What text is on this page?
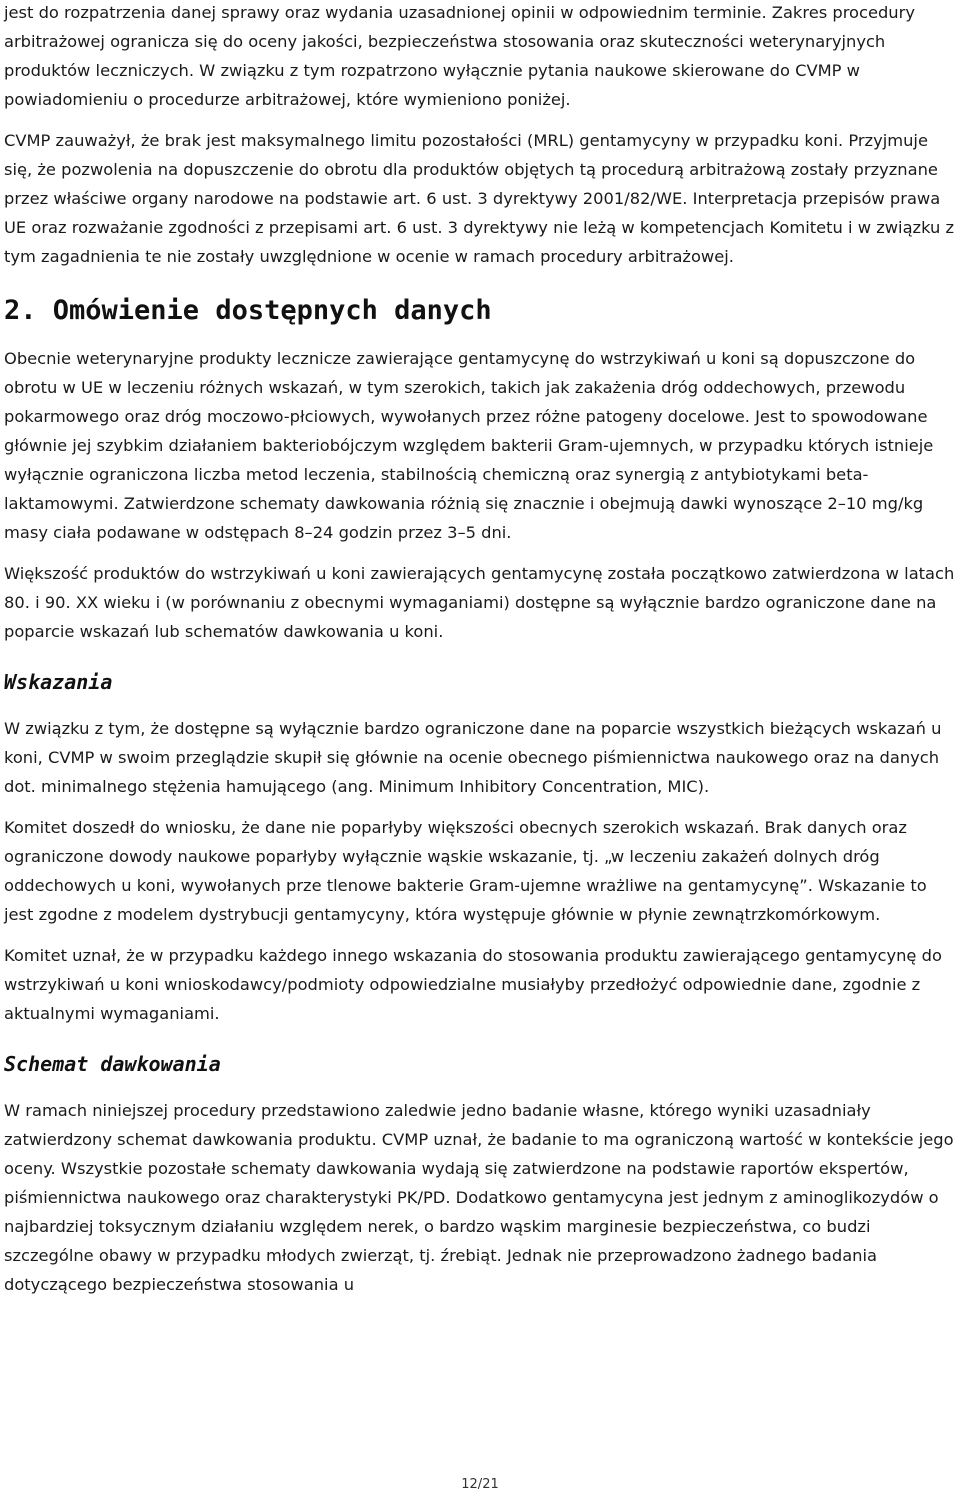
jest do rozpatrzenia danej sprawy oraz wydania uzasadnionej opinii w odpowiednim terminie. Zakres procedury arbitrażowej ogranicza się do oceny jakości, bezpieczeństwa stosowania oraz skuteczności weterynaryjnych produktów leczniczych. W związku z tym rozpatrzono wyłącznie pytania naukowe skierowane do CVMP w powiadomieniu o procedurze arbitrażowej, które wymieniono poniżej.

CVMP zauważył, że brak jest maksymalnego limitu pozostałości (MRL) gentamycyny w przypadku koni. Przyjmuje się, że pozwolenia na dopuszczenie do obrotu dla produktów objętych tą procedurą arbitrażową zostały przyznane przez właściwe organy narodowe na podstawie art. 6 ust. 3 dyrektywy 2001/82/WE. Interpretacja przepisów prawa UE oraz rozważanie zgodności z przepisami art. 6 ust. 3 dyrektywy nie leżą w kompetencjach Komitetu i w związku z tym zagadnienia te nie zostały uwzględnione w ocenie w ramach procedury arbitrażowej.

2. Omówienie dostępnych danych

Obecnie weterynaryjne produkty lecznicze zawierające gentamycynę do wstrzykiwań u koni są dopuszczone do obrotu w UE w leczeniu różnych wskazań, w tym szerokich, takich jak zakażenia dróg oddechowych, przewodu pokarmowego oraz dróg moczowo-płciowych, wywołanych przez różne patogeny docelowe. Jest to spowodowane głównie jej szybkim działaniem bakteriobójczym względem bakterii Gram-ujemnych, w przypadku których istnieje wyłącznie ograniczona liczba metod leczenia, stabilnością chemiczną oraz synergią z antybiotykami beta-laktamowymi. Zatwierdzone schematy dawkowania różnią się znacznie i obejmują dawki wynoszące 2–10 mg/kg masy ciała podawane w odstępach 8–24 godzin przez 3–5 dni.

Większość produktów do wstrzykiwań u koni zawierających gentamycynę została początkowo zatwierdzona w latach 80. i 90. XX wieku i (w porównaniu z obecnymi wymaganiami) dostępne są wyłącznie bardzo ograniczone dane na poparcie wskazań lub schematów dawkowania u koni.

Wskazania

W związku z tym, że dostępne są wyłącznie bardzo ograniczone dane na poparcie wszystkich bieżących wskazań u koni, CVMP w swoim przeglądzie skupił się głównie na ocenie obecnego piśmiennictwa naukowego oraz na danych dot. minimalnego stężenia hamującego (ang. Minimum Inhibitory Concentration, MIC).

Komitet doszedł do wniosku, że dane nie poparłyby większości obecnych szerokich wskazań. Brak danych oraz ograniczone dowody naukowe poparłyby wyłącznie wąskie wskazanie, tj. „w leczeniu zakażeń dolnych dróg oddechowych u koni, wywołanych prze tlenowe bakterie Gram-ujemne wrażliwe na gentamycynę”. Wskazanie to jest zgodne z modelem dystrybucji gentamycyny, która występuje głównie w płynie zewnątrzkomórkowym.

Komitet uznał, że w przypadku każdego innego wskazania do stosowania produktu zawierającego gentamycynę do wstrzykiwań u koni wnioskodawcy/podmioty odpowiedzialne musiałyby przedłożyć odpowiednie dane, zgodnie z aktualnymi wymaganiami.

Schemat dawkowania

W ramach niniejszej procedury przedstawiono zaledwie jedno badanie własne, którego wyniki uzasadniały zatwierdzony schemat dawkowania produktu. CVMP uznał, że badanie to ma ograniczoną wartość w kontekście jego oceny. Wszystkie pozostałe schematy dawkowania wydają się zatwierdzone na podstawie raportów ekspertów, piśmiennictwa naukowego oraz charakterystyki PK/PD. Dodatkowo gentamycyna jest jednym z aminoglikozydów o najbardziej toksycznym działaniu względem nerek, o bardzo wąskim marginesie bezpieczeństwa, co budzi szczególne obawy w przypadku młodych zwierząt, tj. źrebiąt. Jednak nie przeprowadzono żadnego badania dotyczącego bezpieczeństwa stosowania u

12/21
